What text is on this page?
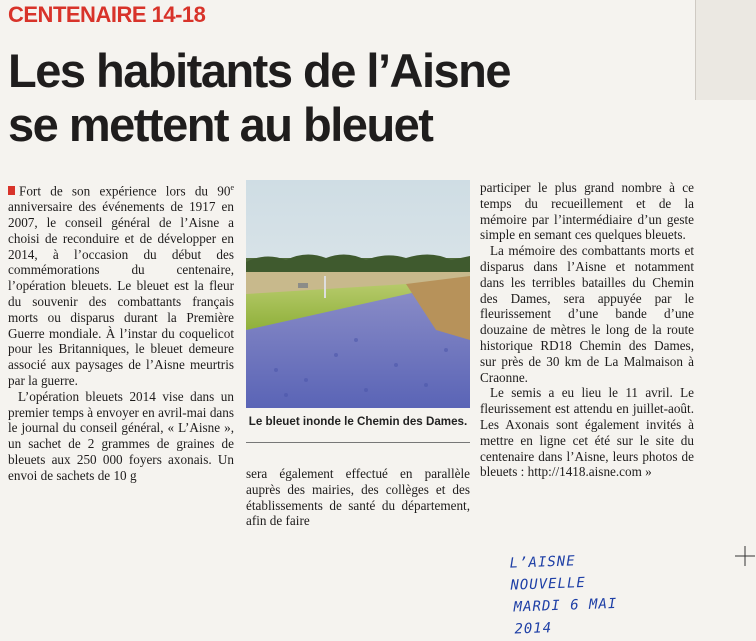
CENTENAIRE 14-18
Les habitants de l’Aisne
se mettent au bleuet

Fort de son expérience lors du 90e anniversaire des événements de 1917 en 2007, le conseil général de l’Aisne a choisi de reconduire et de développer en 2014, à l’occasion du début des commémorations du centenaire, l’opération bleuets. Le bleuet est la fleur du souvenir des combattants français morts ou disparus durant la Première Guerre mondiale. À l’instar du coquelicot pour les Britanniques, le bleuet demeure associé aux paysages de l’Aisne meurtris par la guerre.

L’opération bleuets 2014 vise dans un premier temps à envoyer en avril-mai dans le journal du conseil général, « L’Aisne », un sachet de 2 grammes de graines de bleuets aux 250 000 foyers axonais. Un envoi de sachets de 10 g

Le bleuet inonde le Chemin des Dames.

sera également effectué en parallèle auprès des mairies, des collèges et des établissements de santé du département, afin de faire

participer le plus grand nombre à ce temps du recueillement et de la mémoire par l’intermédiaire d’un geste simple en semant ces quelques bleuets.

La mémoire des combattants morts et disparus dans l’Aisne et notamment dans les terribles batailles du Chemin des Dames, sera appuyée par le fleurissement d’une bande d’une douzaine de mètres le long de la route historique RD18 Chemin des Dames, sur près de 30 km de La Malmaison à Craonne.

Le semis a eu lieu le 11 avril. Le fleurissement est attendu en juillet-août. Les Axonais sont également invités à mettre en ligne cet été sur le site du centenaire dans l’Aisne, leurs photos de bleuets : http://1418.aisne.com »

L’AISNE NOUVELLE
MARDI 6 MAI 2014
